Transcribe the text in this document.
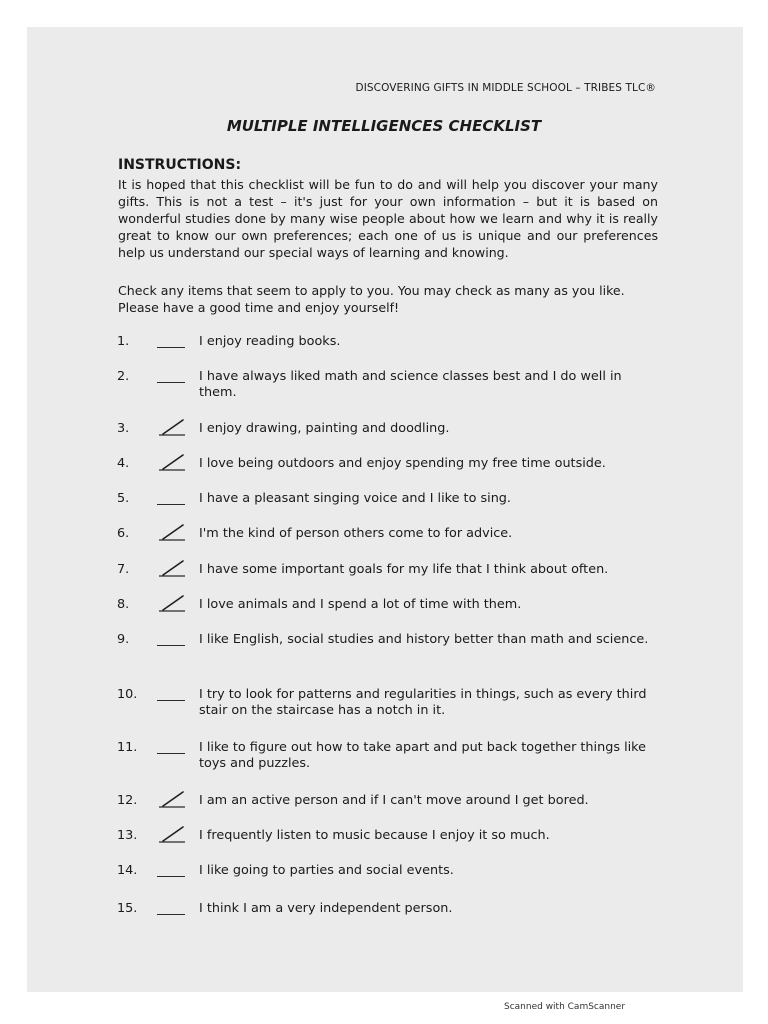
DISCOVERING GIFTS IN MIDDLE SCHOOL – TRIBES TLC®
MULTIPLE INTELLIGENCES CHECKLIST
INSTRUCTIONS:
It is hoped that this checklist will be fun to do and will help you discover your many gifts. This is not a test – it's just for your own information – but it is based on wonderful studies done by many wise people about how we learn and why it is really great to know our own preferences; each one of us is unique and our preferences help us understand our special ways of learning and knowing.
Check any items that seem to apply to you. You may check as many as you like. Please have a good time and enjoy yourself!
1.	I enjoy reading books.
2.	I have always liked math and science classes best and I do well in them.
3.	I enjoy drawing, painting and doodling.
4.	I love being outdoors and enjoy spending my free time outside.
5.	I have a pleasant singing voice and I like to sing.
6.	I'm the kind of person others come to for advice.
7.	I have some important goals for my life that I think about often.
8.	I love animals and I spend a lot of time with them.
9.	I like English, social studies and history better than math and science.
10.	I try to look for patterns and regularities in things, such as every third stair on the staircase has a notch in it.
11.	I like to figure out how to take apart and put back together things like toys and puzzles.
12.	I am an active person and if I can't move around I get bored.
13.	I frequently listen to music because I enjoy it so much.
14.	I like going to parties and social events.
15.	I think I am a very independent person.
Scanned with CamScanner
